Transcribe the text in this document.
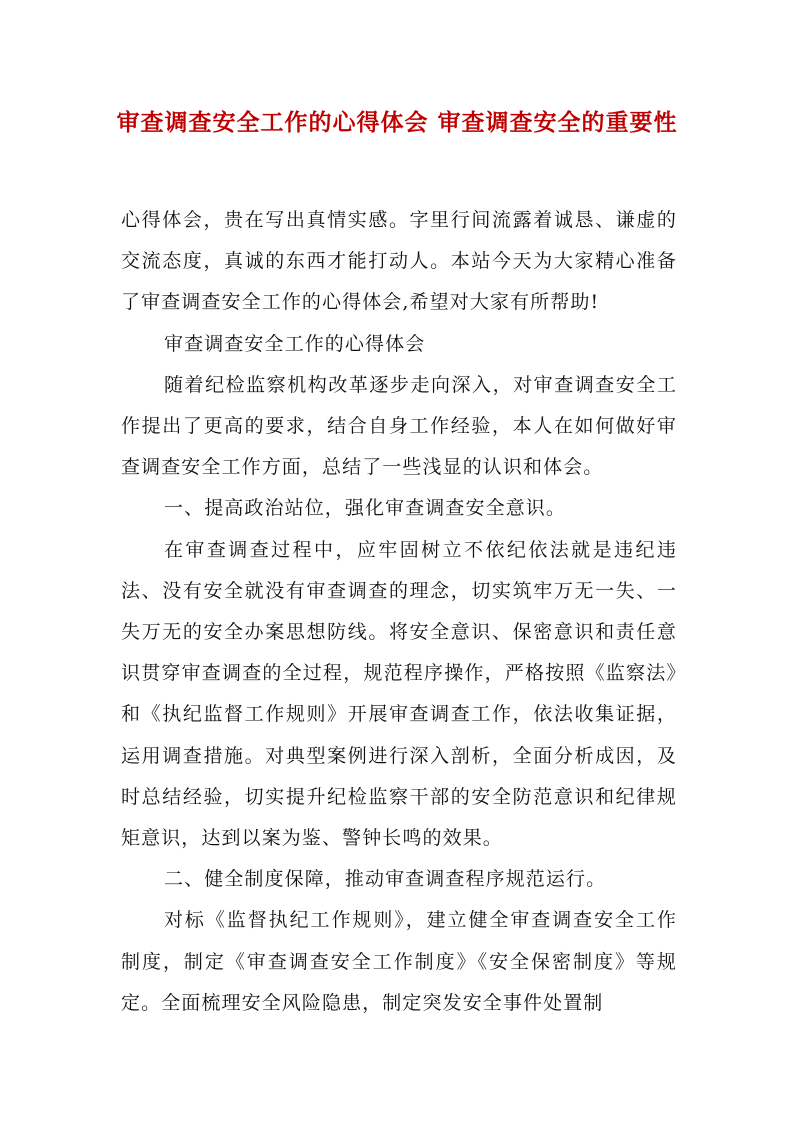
审查调查安全工作的心得体会 审查调查安全的重要性

心得体会，贵在写出真情实感。字里行间流露着诚恳、谦虚的交流态度，真诚的东西才能打动人。本站今天为大家精心准备了审查调查安全工作的心得体会,希望对大家有所帮助!

审查调查安全工作的心得体会

随着纪检监察机构改革逐步走向深入，对审查调查安全工作提出了更高的要求，结合自身工作经验，本人在如何做好审查调查安全工作方面，总结了一些浅显的认识和体会。

一、提高政治站位，强化审查调查安全意识。

在审查调查过程中，应牢固树立不依纪依法就是违纪违法、没有安全就没有审查调查的理念，切实筑牢万无一失、一失万无的安全办案思想防线。将安全意识、保密意识和责任意识贯穿审查调查的全过程，规范程序操作，严格按照《监察法》和《执纪监督工作规则》开展审查调查工作，依法收集证据，运用调查措施。对典型案例进行深入剖析，全面分析成因，及时总结经验，切实提升纪检监察干部的安全防范意识和纪律规矩意识，达到以案为鉴、警钟长鸣的效果。

二、健全制度保障，推动审查调查程序规范运行。

对标《监督执纪工作规则》，建立健全审查调查安全工作制度，制定《审查调查安全工作制度》《安全保密制度》等规定。全面梳理安全风险隐患，制定突发安全事件处置制
